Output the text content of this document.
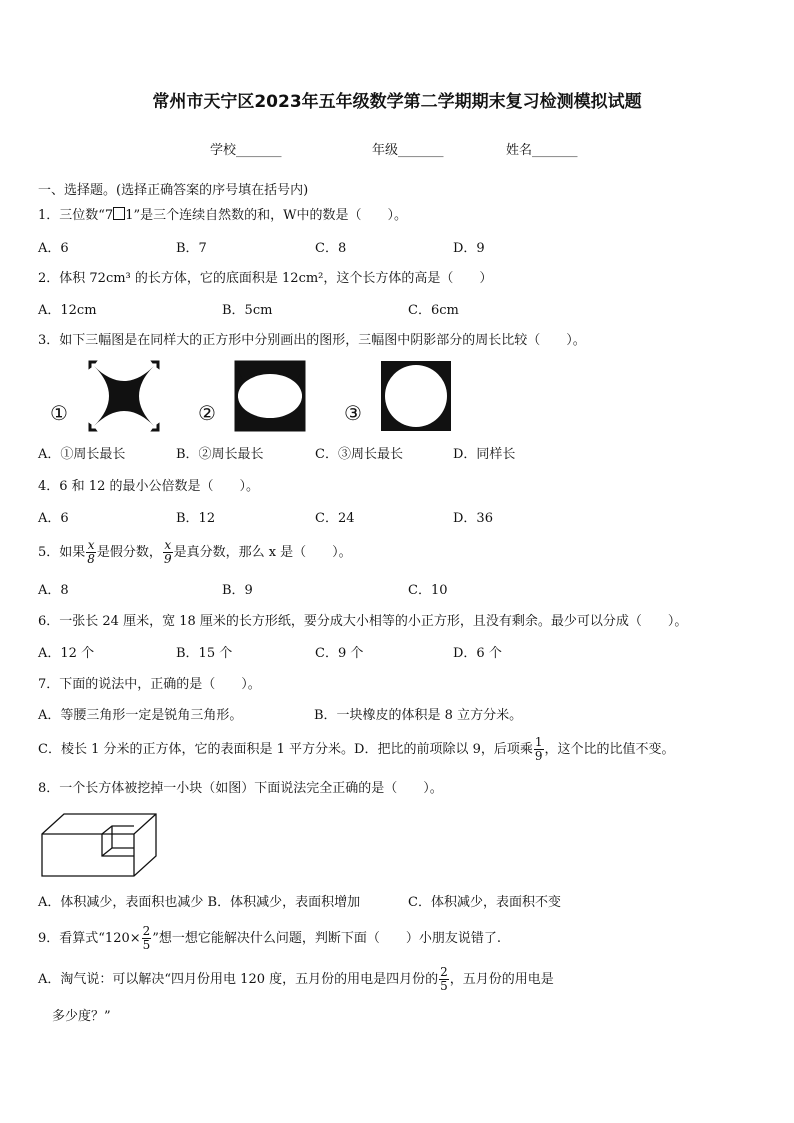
常州市天宁区2023年五年级数学第二学期期末复习检测模拟试题
学校_______	年级_______	姓名_______
一、选择题。(选择正确答案的序号填在括号内)
1．三位数“7 1”是三个连续自然数的和，W中的数是（　　）。
A．6	B．7	C．8	D．9
2．体积 72cm³ 的长方体，它的底面积是 12cm²，这个长方体的高是（　　）
A．12cm	B．5cm	C．6cm
3．如下三幅图是在同样大的正方形中分别画出的图形，三幅图中阴影部分的周长比较（　　）。
①	②	③
A．①周长最长	B．②周长最长	C．③周长最长	D．同样长
4．6 和 12 的最小公倍数是（　　）。
A．6	B．12	C．24	D．36
5．如果 $\frac{x}{8}$ 是假分数， $\frac{x}{9}$ 是真分数，那么 x 是（　　）。
A．8	B．9	C．10
6．一张长 24 厘米，宽 18 厘米的长方形纸，要分成大小相等的小正方形，且没有剩余。最少可以分成（　　）。
A．12 个	B．15 个	C．9 个	D．6 个
7．下面的说法中，正确的是（　　）。
A．等腰三角形一定是锐角三角形。	B．一块橡皮的体积是 8 立方分米。
C．棱长 1 分米的正方体，它的表面积是 1 平方分米。D．把比的前项除以 9，后项乘 $\frac{1}{9}$ ，这个比的比值不变。
8．一个长方体被挖掉一小块（如图）下面说法完全正确的是（　　）。
A．体积减少，表面积也减少 B．体积减少，表面积增加	C．体积减少，表面积不变
9．看算式“$120\times \frac{2}{5}$ ”想一想它能解决什么问题，判断下面（　　）小朋友说错了.
A．淘气说：可以解决“四月份用电 120 度，五月份的用电是四月份的 $\frac{2}{5}$ ，五月份的用电是
多少度？”
